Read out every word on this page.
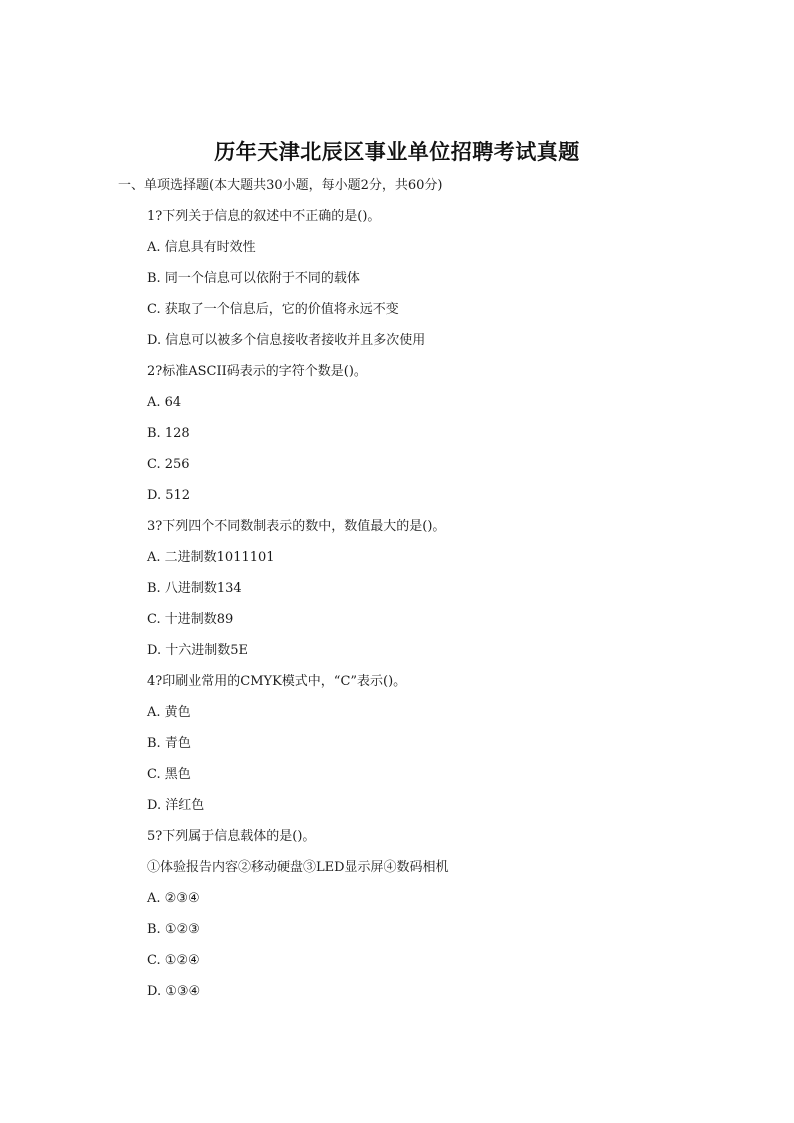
历年天津北辰区事业单位招聘考试真题
一、单项选择题(本大题共30小题，每小题2分，共60分)
1?下列关于信息的叙述中不正确的是()。
A. 信息具有时效性
B. 同一个信息可以依附于不同的载体
C. 获取了一个信息后，它的价值将永远不变
D. 信息可以被多个信息接收者接收并且多次使用
2?标准ASCII码表示的字符个数是()。
A. 64
B. 128
C. 256
D. 512
3?下列四个不同数制表示的数中，数值最大的是()。
A. 二进制数1011101
B. 八进制数134
C. 十进制数89
D. 十六进制数5E
4?印刷业常用的CMYK模式中，“C”表示()。
A. 黄色
B. 青色
C. 黑色
D. 洋红色
5?下列属于信息载体的是()。
①体验报告内容②移动硬盘③LED显示屏④数码相机
A. ②③④
B. ①②③
C. ①②④
D. ①③④
